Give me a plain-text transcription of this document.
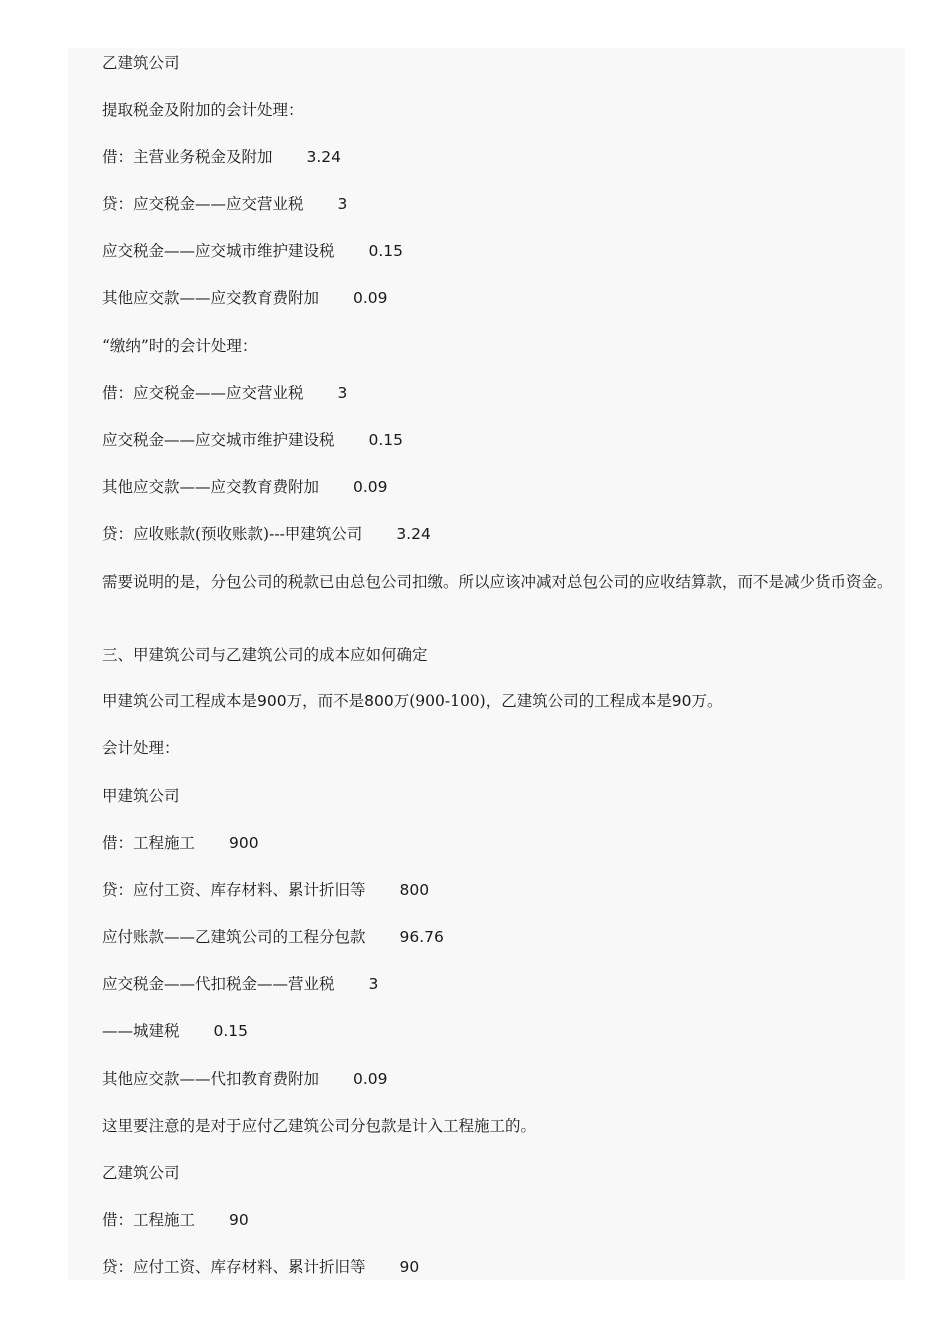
乙建筑公司
提取税金及附加的会计处理：
借：主营业务税金及附加 3.24
贷：应交税金——应交营业税 3
应交税金——应交城市维护建设税 0.15
其他应交款——应交教育费附加 0.09
“缴纳”时的会计处理：
借：应交税金——应交营业税 3
应交税金——应交城市维护建设税 0.15
其他应交款——应交教育费附加 0.09
贷：应收账款(预收账款)---甲建筑公司 3.24
需要说明的是，分包公司的税款已由总包公司扣缴。所以应该冲减对总包公司的应收结算款，而不是减少货币资金。
三、甲建筑公司与乙建筑公司的成本应如何确定
甲建筑公司工程成本是900万，而不是800万(900-100)，乙建筑公司的工程成本是90万。
会计处理：
甲建筑公司
借：工程施工 900
贷：应付工资、库存材料、累计折旧等 800
应付账款——乙建筑公司的工程分包款 96.76
应交税金——代扣税金——营业税 3
——城建税 0.15
其他应交款——代扣教育费附加 0.09
这里要注意的是对于应付乙建筑公司分包款是计入工程施工的。
乙建筑公司
借：工程施工 90
贷：应付工资、库存材料、累计折旧等 90
